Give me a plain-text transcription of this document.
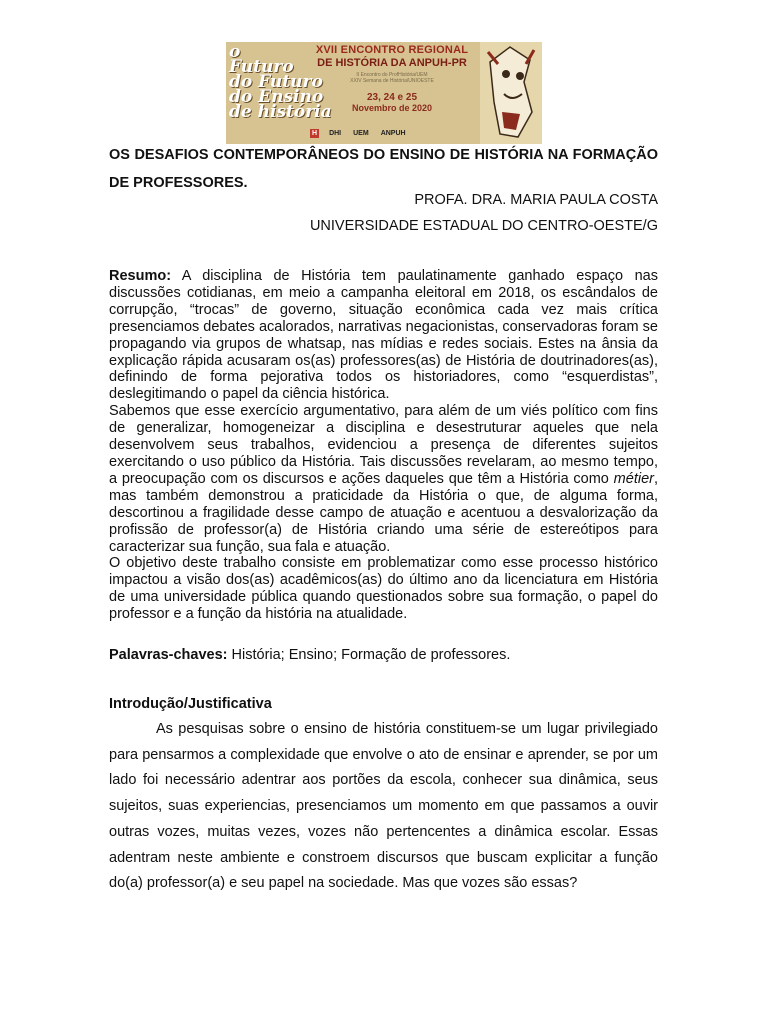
o
Futuro
do Futuro
do Ensino
de história
XVII ENCONTRO REGIONAL
DE HISTÓRIA DA ANPUH-PR
II Encontro do ProfHistória/UEM
XXIV Semana de História/UNIOESTE
23, 24 e 25
Novembro de 2020
H DHI UEM ANPUH
OS DESAFIOS CONTEMPORÂNEOS DO ENSINO DE HISTÓRIA NA FORMAÇÃO DE PROFESSORES.

PROFA. DRA. MARIA PAULA COSTA

UNIVERSIDADE ESTADUAL DO CENTRO-OESTE/G

Resumo: A disciplina de História tem paulatinamente ganhado espaço nas discussões cotidianas, em meio a campanha eleitoral em 2018, os escândalos de corrupção, “trocas” de governo, situação econômica cada vez mais crítica presenciamos debates acalorados, narrativas negacionistas, conservadoras foram se propagando via grupos de whatsap, nas mídias e redes sociais. Estes na ânsia da explicação rápida acusaram os(as) professores(as) de História de doutrinadores(as), definindo de forma pejorativa todos os historiadores, como “esquerdistas”, deslegitimando o papel da ciência histórica.

Sabemos que esse exercício argumentativo, para além de um viés político com fins de generalizar, homogeneizar a disciplina e desestruturar aqueles que nela desenvolvem seus trabalhos, evidenciou a presença de diferentes sujeitos exercitando o uso público da História. Tais discussões revelaram, ao mesmo tempo, a preocupação com os discursos e ações daqueles que têm a História como métier, mas também demonstrou a praticidade da História o que, de alguma forma, descortinou a fragilidade desse campo de atuação e acentuou a desvalorização da profissão de professor(a) de História criando uma série de estereótipos para caracterizar sua função, sua fala e atuação.

O objetivo deste trabalho consiste em problematizar como esse processo histórico impactou a visão dos(as) acadêmicos(as) do último ano da licenciatura em História de uma universidade pública quando questionados sobre sua formação, o papel do professor e a função da história na atualidade.

Palavras-chaves: História; Ensino; Formação de professores.

Introdução/Justificativa

As pesquisas sobre o ensino de história constituem-se um lugar privilegiado para pensarmos a complexidade que envolve o ato de ensinar e aprender, se por um lado foi necessário adentrar aos portões da escola, conhecer sua dinâmica, seus sujeitos, suas experiencias, presenciamos um momento em que passamos a ouvir outras vozes, muitas vezes, vozes não pertencentes a dinâmica escolar. Essas adentram neste ambiente e constroem discursos que buscam explicitar a função do(a) professor(a) e seu papel na sociedade. Mas que vozes são essas?
